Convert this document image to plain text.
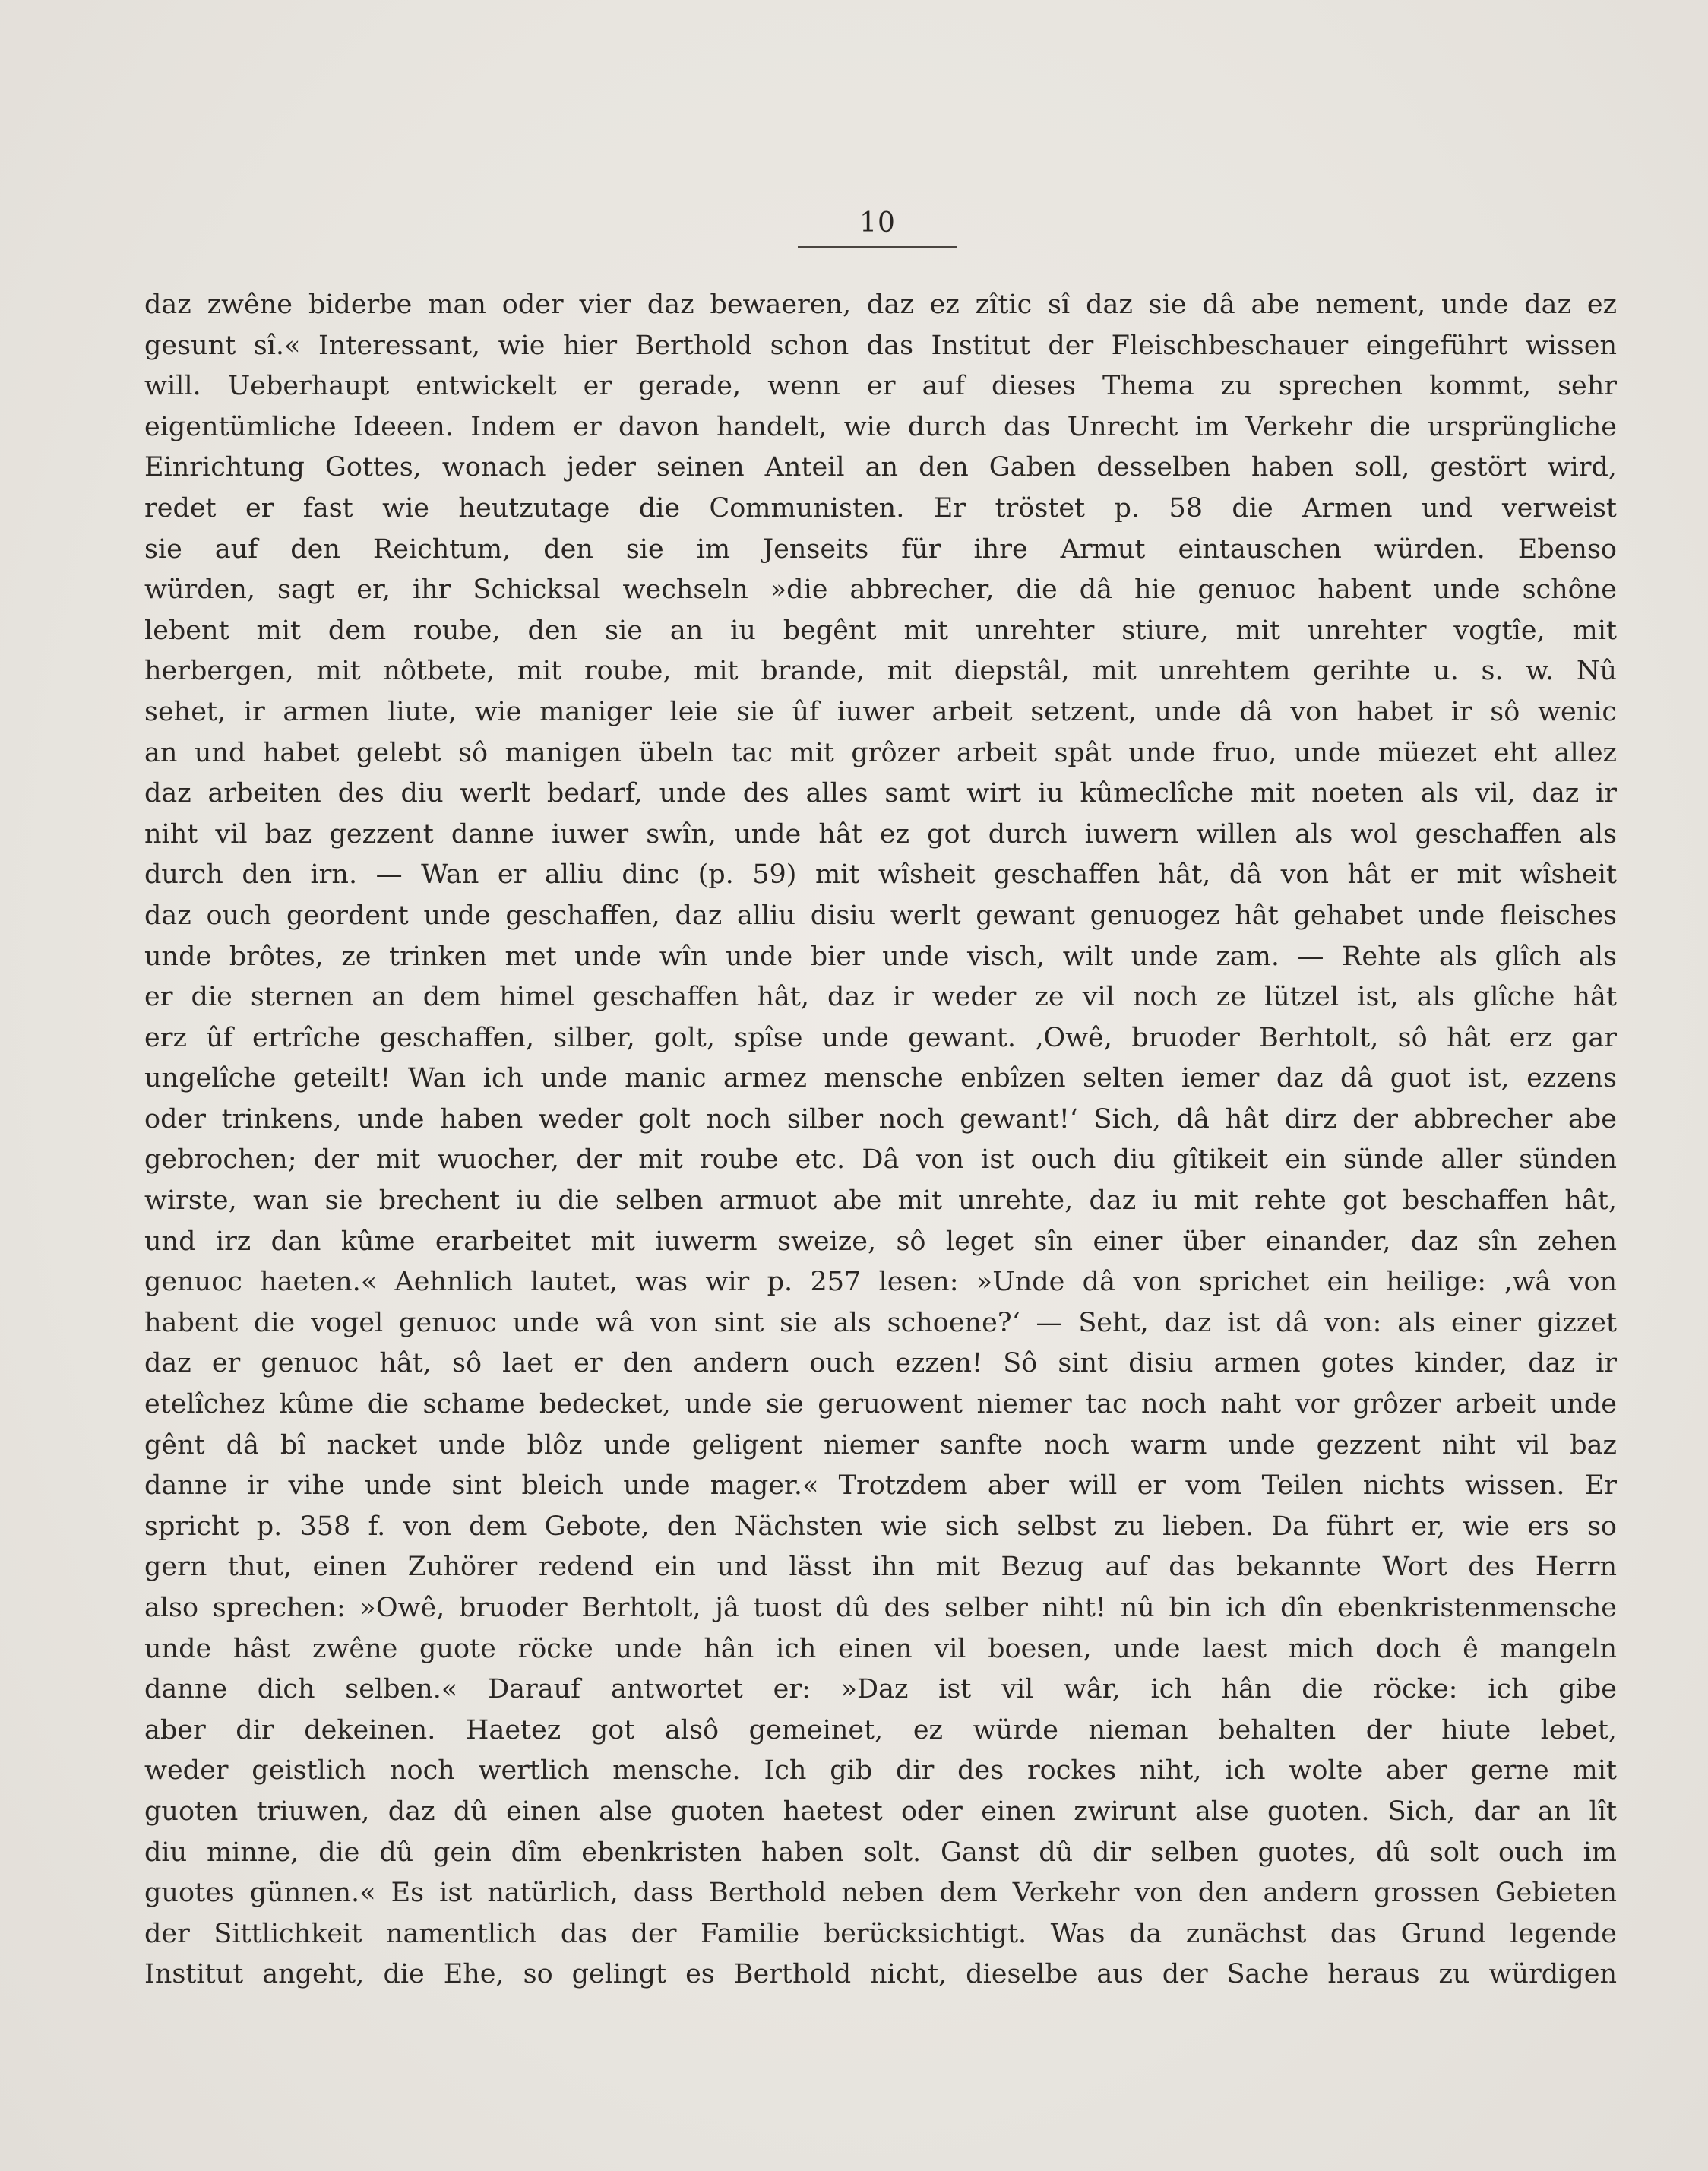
10
daz zwêne biderbe man oder vier daz bewaeren, daz ez zîtic sî daz sie dâ abe nement, unde daz ez
gesunt sî.« Interessant, wie hier Berthold schon das Institut der Fleischbeschauer eingeführt wissen
will. Ueberhaupt entwickelt er gerade, wenn er auf dieses Thema zu sprechen kommt, sehr
eigentümliche Ideeen. Indem er davon handelt, wie durch das Unrecht im Verkehr die ursprüngliche
Einrichtung Gottes, wonach jeder seinen Anteil an den Gaben desselben haben soll, gestört wird,
redet er fast wie heutzutage die Communisten. Er tröstet p. 58 die Armen und verweist
sie auf den Reichtum, den sie im Jenseits für ihre Armut eintauschen würden. Ebenso
würden, sagt er, ihr Schicksal wechseln »die abbrecher, die dâ hie genuoc habent unde schône
lebent mit dem roube, den sie an iu begênt mit unrehter stiure, mit unrehter vogtîe, mit
herbergen, mit nôtbete, mit roube, mit brande, mit diepstâl, mit unrehtem gerihte u. s. w. Nû
sehet, ir armen liute, wie maniger leie sie ûf iuwer arbeit setzent, unde dâ von habet ir sô wenic
an und habet gelebt sô manigen übeln tac mit grôzer arbeit spât unde fruo, unde müezet eht allez
daz arbeiten des diu werlt bedarf, unde des alles samt wirt iu kûmeclîche mit noeten als vil, daz ir
niht vil baz gezzent danne iuwer swîn, unde hât ez got durch iuwern willen als wol geschaffen als
durch den irn. — Wan er alliu dinc (p. 59) mit wîsheit geschaffen hât, dâ von hât er mit wîsheit
daz ouch geordent unde geschaffen, daz alliu disiu werlt gewant genuogez hât gehabet unde fleisches
unde brôtes, ze trinken met unde wîn unde bier unde visch, wilt unde zam. — Rehte als glîch als
er die sternen an dem himel geschaffen hât, daz ir weder ze vil noch ze lützel ist, als glîche hât
erz ûf ertrîche geschaffen, silber, golt, spîse unde gewant. ‚Owê, bruoder Berhtolt, sô hât erz gar
ungelîche geteilt! Wan ich unde manic armez mensche enbîzen selten iemer daz dâ guot ist, ezzens
oder trinkens, unde haben weder golt noch silber noch gewant!‘ Sich, dâ hât dirz der abbrecher abe
gebrochen; der mit wuocher, der mit roube etc. Dâ von ist ouch diu gîtikeit ein sünde aller sünden
wirste, wan sie brechent iu die selben armuot abe mit unrehte, daz iu mit rehte got beschaffen hât,
und irz dan kûme erarbeitet mit iuwerm sweize, sô leget sîn einer über einander, daz sîn zehen
genuoc haeten.« Aehnlich lautet, was wir p. 257 lesen: »Unde dâ von sprichet ein heilige: ‚wâ von
habent die vogel genuoc unde wâ von sint sie als schoene?‘ — Seht, daz ist dâ von: als einer gizzet
daz er genuoc hât, sô laet er den andern ouch ezzen! Sô sint disiu armen gotes kinder, daz ir
etelîchez kûme die schame bedecket, unde sie geruowent niemer tac noch naht vor grôzer arbeit unde
gênt dâ bî nacket unde blôz unde geligent niemer sanfte noch warm unde gezzent niht vil baz
danne ir vihe unde sint bleich unde mager.« Trotzdem aber will er vom Teilen nichts wissen. Er
spricht p. 358 f. von dem Gebote, den Nächsten wie sich selbst zu lieben. Da führt er, wie ers so
gern thut, einen Zuhörer redend ein und lässt ihn mit Bezug auf das bekannte Wort des Herrn
also sprechen: »Owê, bruoder Berhtolt, jâ tuost dû des selber niht! nû bin ich dîn ebenkristenmensche
unde hâst zwêne guote röcke unde hân ich einen vil boesen, unde laest mich doch ê mangeln
danne dich selben.« Darauf antwortet er: »Daz ist vil wâr, ich hân die röcke: ich gibe
aber dir dekeinen. Haetez got alsô gemeinet, ez würde nieman behalten der hiute lebet,
weder geistlich noch wertlich mensche. Ich gib dir des rockes niht, ich wolte aber gerne mit
guoten triuwen, daz dû einen alse guoten haetest oder einen zwirunt alse guoten. Sich, dar an lît
diu minne, die dû gein dîm ebenkristen haben solt. Ganst dû dir selben guotes, dû solt ouch im
guotes günnen.« Es ist natürlich, dass Berthold neben dem Verkehr von den andern grossen Gebieten
der Sittlichkeit namentlich das der Familie berücksichtigt. Was da zunächst das Grund legende
Institut angeht, die Ehe, so gelingt es Berthold nicht, dieselbe aus der Sache heraus zu würdigen
